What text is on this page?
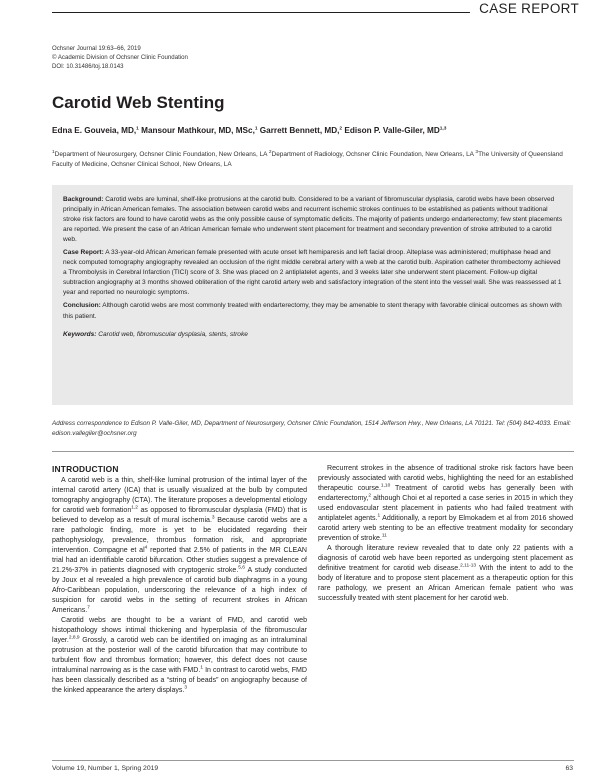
CASE REPORT
Ochsner Journal 19:63–66, 2019
© Academic Division of Ochsner Clinic Foundation
DOI: 10.31486/toj.18.0143
Carotid Web Stenting
Edna E. Gouveia, MD,$^1$ Mansour Mathkour, MD, MSc,$^1$ Garrett Bennett, MD,$^2$ Edison P. Valle-Giler, MD$^{1,3}$
$^1$Department of Neurosurgery, Ochsner Clinic Foundation, New Orleans, LA $^2$Department of Radiology, Ochsner Clinic Foundation, New Orleans, LA $^3$The University of Queensland Faculty of Medicine, Ochsner Clinical School, New Orleans, LA

Background: Carotid webs are luminal, shelf-like protrusions at the carotid bulb. Considered to be a variant of fibromuscular dysplasia, carotid webs have been observed principally in African American females. The association between carotid webs and recurrent ischemic strokes continues to be established as patients without traditional stroke risk factors are found to have carotid webs as the only possible cause of symptomatic deficits. The majority of patients undergo endarterectomy; few stent placements are reported. We present the case of an African American female who underwent stent placement for treatment and secondary prevention of stroke attributed to a carotid web.

Case Report: A 33-year-old African American female presented with acute onset left hemiparesis and left facial droop. Alteplase was administered; multiphase head and neck computed tomography angiography revealed an occlusion of the right middle cerebral artery with a web at the carotid bulb. Aspiration catheter thrombectomy achieved a Thrombolysis in Cerebral Infarction (TICI) score of 3. She was placed on 2 antiplatelet agents, and 3 weeks later she underwent stent placement. Follow-up digital subtraction angiography at 3 months showed obliteration of the right carotid artery web and satisfactory integration of the stent into the vessel wall. She was reassessed at 1 year and reported no neurologic symptoms.

Conclusion: Although carotid webs are most commonly treated with endarterectomy, they may be amenable to stent therapy with favorable clinical outcomes as shown with this patient.

Keywords: Carotid web, fibromuscular dysplasia, stents, stroke

Address correspondence to Edison P. Valle-Giler, MD, Department of Neurosurgery, Ochsner Clinic Foundation, 1514 Jefferson Hwy., New Orleans, LA 70121. Tel: (504) 842-4033. Email: edison.vallegiler@ochsner.org
INTRODUCTION

A carotid web is a thin, shelf-like luminal protrusion of the intimal layer of the internal carotid artery (ICA) that is usually visualized at the bulb by computed tomography angiography (CTA). The literature proposes a developmental etiology for carotid web formation$^{1,2}$ as opposed to fibromuscular dysplasia (FMD) that is believed to develop as a result of mural ischemia.$^3$ Because carotid webs are a rare pathologic finding, more is yet to be elucidated regarding their pathophysiology, prevalence, thrombus formation risk, and appropriate intervention. Compagne et $al^4$ reported that 2.5% of patients in the MR CLEAN trial had an identifiable carotid bifurcation. Other studies suggest a prevalence of 21.2%-37% in patients diagnosed with cryptogenic stroke.$^{5,6}$ A study conducted by Joux et al revealed a high prevalence of carotid bulb diaphragms in a young Afro-Caribbean population, underscoring the relevance of a high index of suspicion for carotid webs in the setting of recurrent strokes in African Americans.$^7$

Carotid webs are thought to be a variant of FMD, and carotid web histopathology shows intimal thickening and hyperplasia of the fibromuscular layer.$^{2,8,9}$ Grossly, a carotid web can be identified on imaging as an intraluminal protrusion at the posterior wall of the carotid bifurcation that may contribute to turbulent flow and thrombus formation; however, this defect does not cause intraluminal narrowing as is the case with FMD.$^1$ In contrast to carotid webs, FMD has been classically described as a “string of beads” on angiography because of the kinked appearance the artery displays.$^3$

Recurrent strokes in the absence of traditional stroke risk factors have been previously associated with carotid webs, highlighting the need for an established therapeutic course.$^{1,10}$ Treatment of carotid webs has generally been with endarterectomy,$^2$ although Choi et al reported a case series in 2015 in which they used endovascular stent placement in patients who had failed treatment with antiplatelet agents.$^1$ Additionally, a report by Elmokadem et al from 2016 showed carotid artery web stenting to be an effective treatment modality for secondary prevention of stroke.$^{11}$

A thorough literature review revealed that to date only 22 patients with a diagnosis of carotid web have been reported as undergoing stent placement as definitive treatment for carotid web disease.$^{2,11-13}$ With the intent to add to the body of literature and to propose stent placement as a therapeutic option for this rare pathology, we present an African American female patient who was successfully treated with stent placement for her carotid web.

Volume 19, Number 1, Spring 2019	63
